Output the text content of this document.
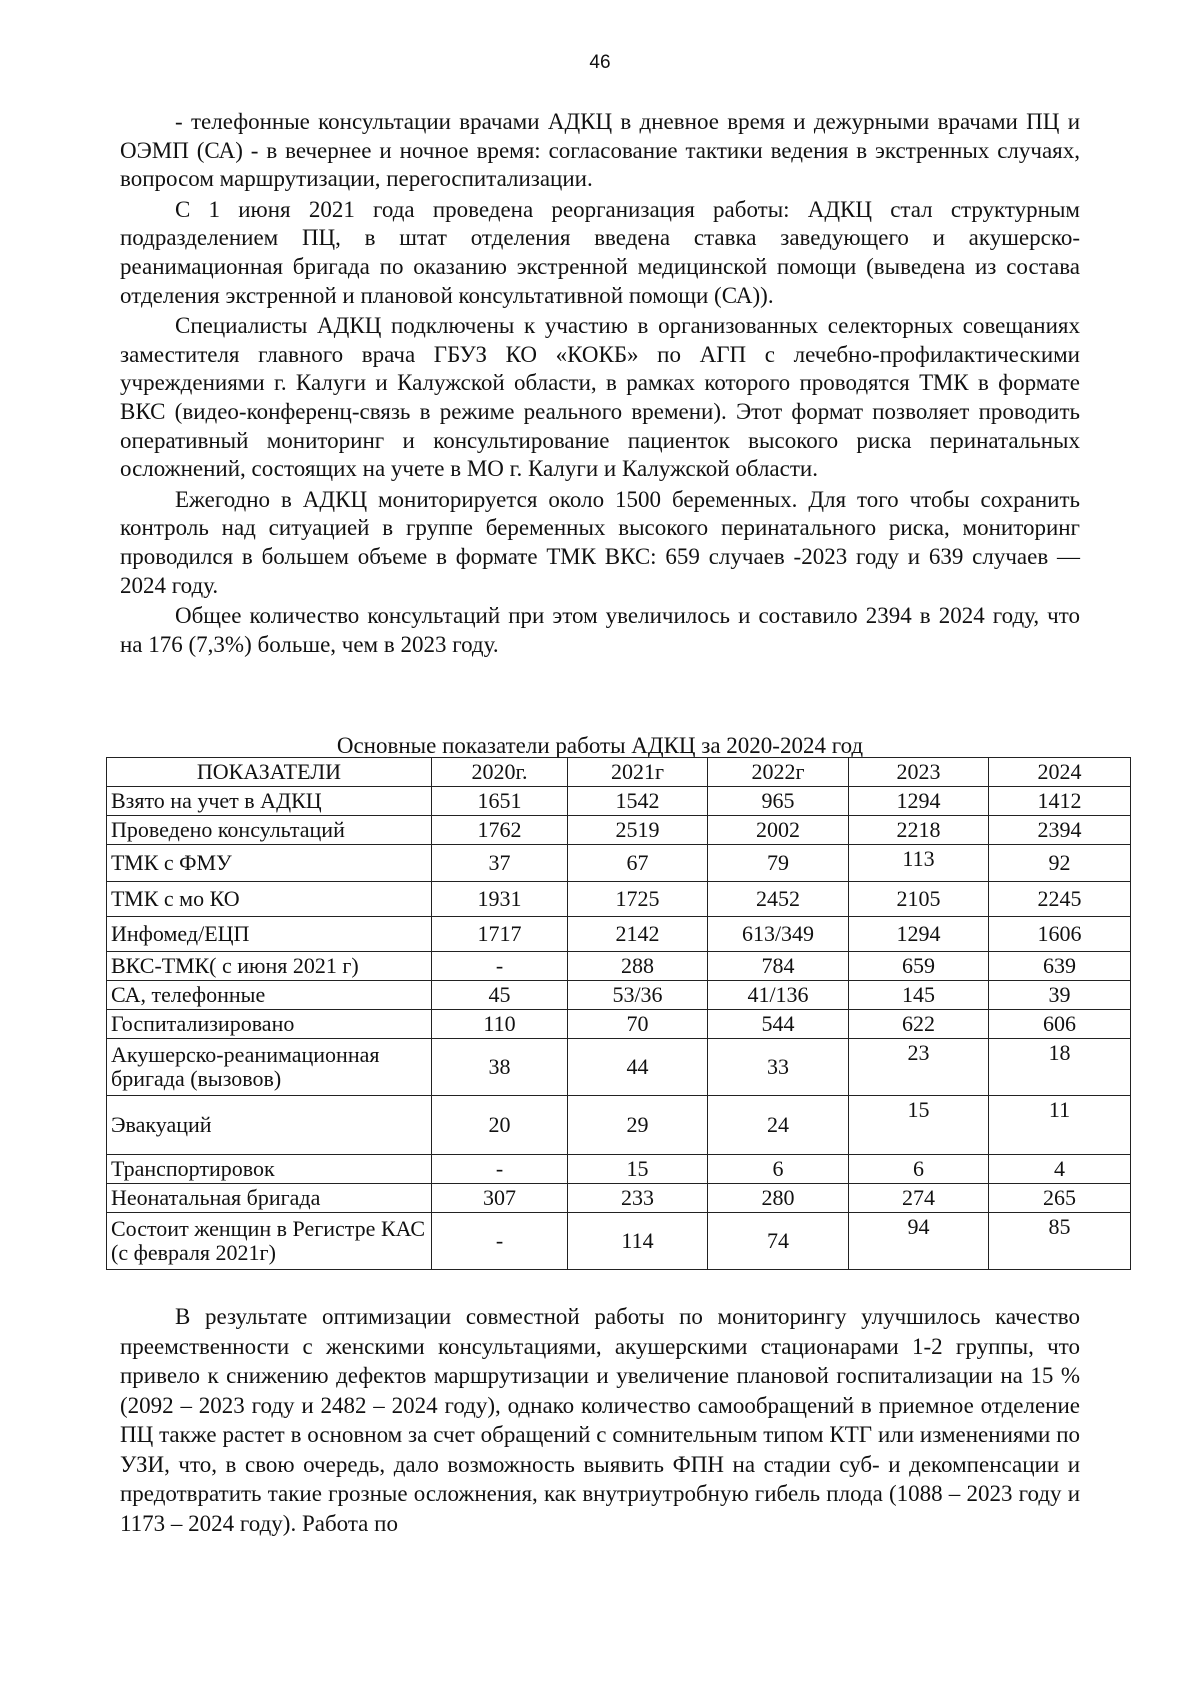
46

- телефонные консультации врачами АДКЦ в дневное время и дежурными врачами ПЦ и ОЭМП (СА) - в вечернее и ночное время: согласование тактики ведения в экстренных случаях, вопросом маршрутизации, перегоспитализации.

С 1 июня 2021 года проведена реорганизация работы: АДКЦ стал структурным подразделением ПЦ, в штат отделения введена ставка заведующего и акушерско-реанимационная бригада по оказанию экстренной медицинской помощи (выведена из состава отделения экстренной и плановой консультативной помощи (СА)).

Специалисты АДКЦ подключены к участию в организованных селекторных совещаниях заместителя главного врача ГБУЗ КО «КОКБ» по АГП с лечебно-профилактическими учреждениями г. Калуги и Калужской области, в рамках которого проводятся ТМК в формате ВКС (видео-конференц-связь в режиме реального времени). Этот формат позволяет проводить оперативный мониторинг и консультирование пациенток высокого риска перинатальных осложнений, состоящих на учете в МО г. Калуги и Калужской области.

Ежегодно в АДКЦ мониторируется около 1500 беременных. Для того чтобы сохранить контроль над ситуацией в группе беременных высокого перинатального риска, мониторинг проводился в большем объеме в формате ТМК ВКС: 659 случаев -2023 году и 639 случаев — 2024 году.

Общее количество консультаций при этом увеличилось и составило 2394 в 2024 году, что на 176 (7,3%) больше, чем в 2023 году.

Основные показатели работы АДКЦ за 2020-2024 год
ПОКАЗАТЕЛИ	2020г.	2021г	2022г	2023	2024
Взято на учет в АДКЦ	1651	1542	965	1294	1412
Проведено консультаций	1762	2519	2002	2218	2394
ТМК с ФМУ	37	67	79	113	92
ТМК с мо КО	1931	1725	2452	2105	2245
Инфомед/ЕЦП	1717	2142	613/349	1294	1606
ВКС-ТМК( с июня 2021 г)	-	288	784	659	639
СА, телефонные	45	53/36	41/136	145	39
Госпитализировано	110	70	544	622	606
Акушерско-реанимационная бригада (вызовов)	38	44	33	23	18
Эвакуаций	20	29	24	15	11
Транспортировок	-	15	6	6	4
Неонатальная бригада	307	233	280	274	265
Состоит женщин в Регистре КАС (с февраля 2021г)	-	114	74	94	85

В результате оптимизации совместной работы по мониторингу улучшилось качество преемственности с женскими консультациями, акушерскими стационарами 1-2 группы, что привело к снижению дефектов маршрутизации и увеличение плановой госпитализации на 15 % (2092 – 2023 году и 2482 – 2024 году), однако количество самообращений в приемное отделение ПЦ также растет в основном за счет обращений с сомнительным типом КТГ или изменениями по УЗИ, что, в свою очередь, дало возможность выявить ФПН на стадии суб- и декомпенсации и предотвратить такие грозные осложнения, как внутриутробную гибель плода (1088 – 2023 году и 1173 – 2024 году). Работа по
